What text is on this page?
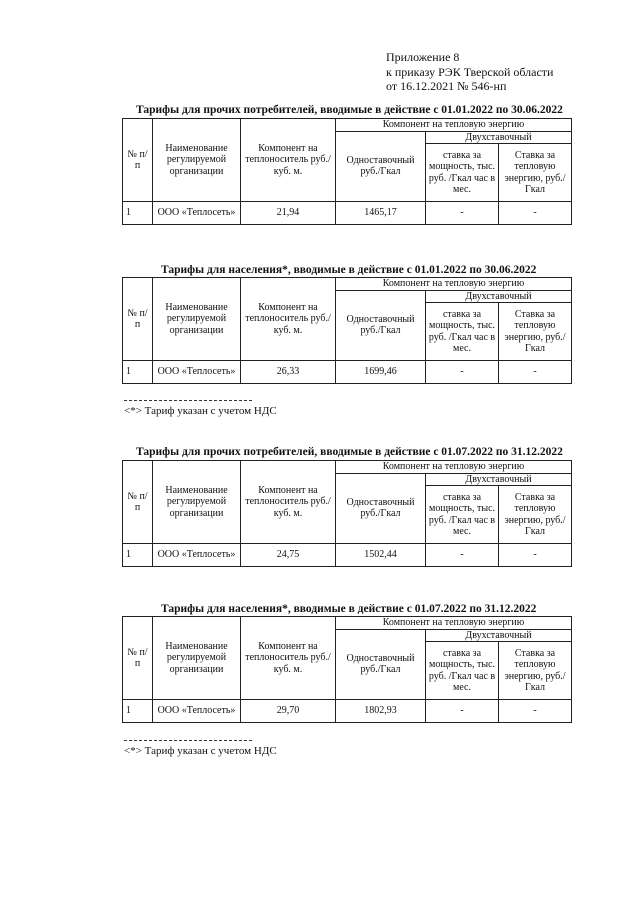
Приложение 8
к приказу РЭК Тверской области
от 16.12.2021 № 546-нп
Тарифы для прочих потребителей, вводимые в действие с 01.01.2022 по 30.06.2022
№ п/п	Наименование регулируемой организации	Компонент на теплоноситель руб./куб. м.	Компонент на тепловую энергию		
			Одноставочный руб./Гкал	Двухставочный	
				ставка за мощность, тыс. руб. /Гкал час в мес.	Ставка за тепловую энергию, руб./Гкал
1	ООО «Теплосеть»	21,94	1465,17	-	-
Тарифы для населения*, вводимые в действие с 01.01.2022 по 30.06.2022
№ п/п	Наименование регулируемой организации	Компонент на теплоноситель руб./куб. м.	Компонент на тепловую энергию		
			Одноставочный руб./Гкал	Двухставочный	
				ставка за мощность, тыс. руб. /Гкал час в мес.	Ставка за тепловую энергию, руб./Гкал
1	ООО «Теплосеть»	26,33	1699,46	-	-
<*> Тариф указан с учетом НДС
Тарифы для прочих потребителей, вводимые в действие с 01.07.2022 по 31.12.2022
№ п/п	Наименование регулируемой организации	Компонент на теплоноситель руб./куб. м.	Компонент на тепловую энергию		
			Одноставочный руб./Гкал	Двухставочный	
				ставка за мощность, тыс. руб. /Гкал час в мес.	Ставка за тепловую энергию, руб./Гкал
1	ООО «Теплосеть»	24,75	1502,44	-	-
Тарифы для населения*, вводимые в действие с 01.07.2022 по 31.12.2022
№ п/п	Наименование регулируемой организации	Компонент на теплоноситель руб./куб. м.	Компонент на тепловую энергию		
			Одноставочный руб./Гкал	Двухставочный	
				ставка за мощность, тыс. руб. /Гкал час в мес.	Ставка за тепловую энергию, руб./Гкал
1	ООО «Теплосеть»	29,70	1802,93	-	-
<*> Тариф указан с учетом НДС
